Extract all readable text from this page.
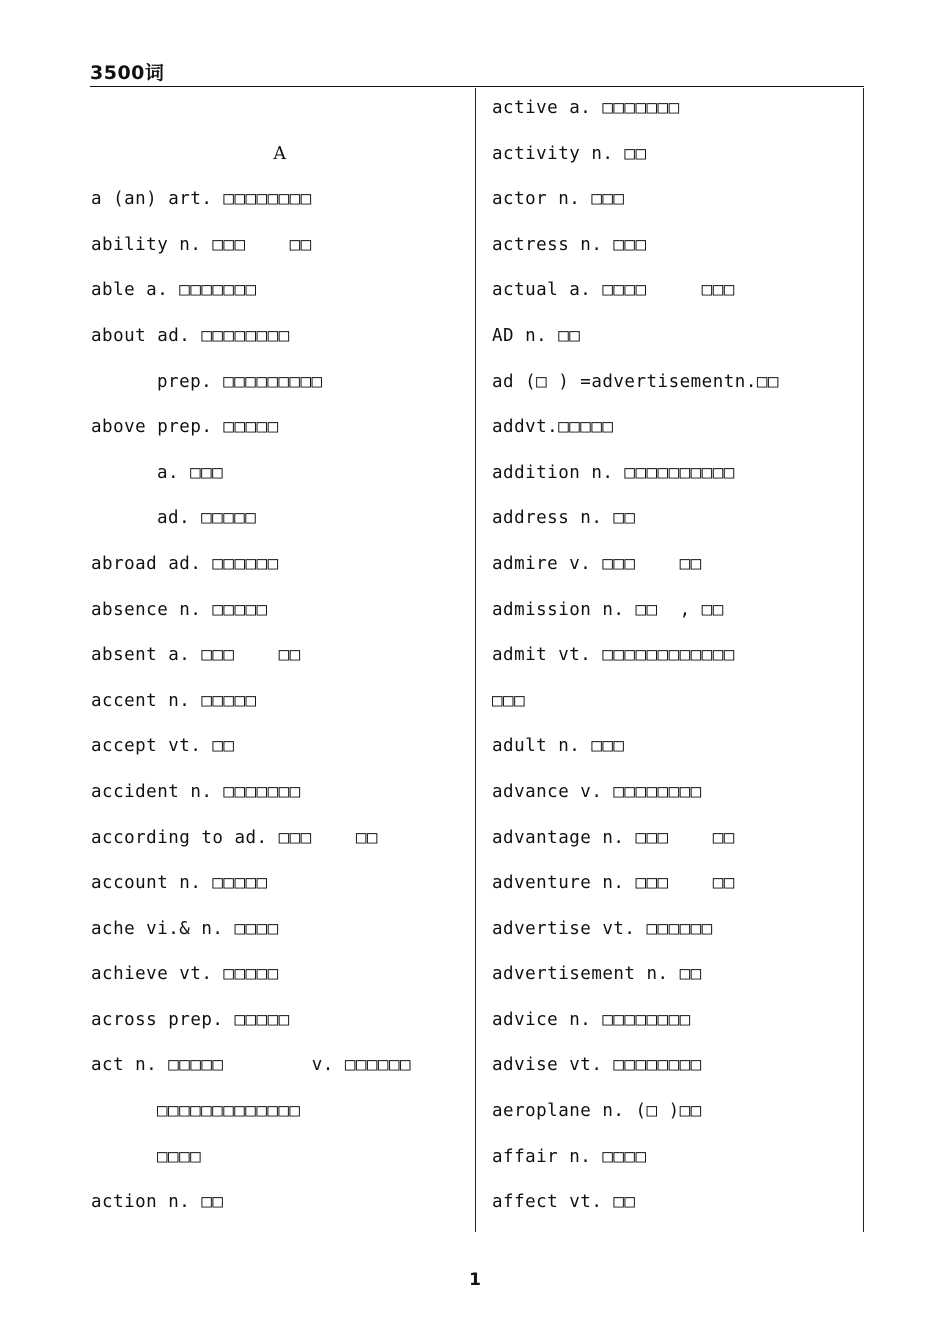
3500词
A
a (an) art. □□□□□□□□
ability n. □□□    □□
able a. □□□□□□□
about ad. □□□□□□□□
prep. □□□□□□□□□
above prep. □□□□□
a. □□□
ad. □□□□□
abroad ad. □□□□□□
absence n. □□□□□
absent a. □□□    □□
accent n. □□□□□
accept vt. □□
accident n. □□□□□□□
according to ad. □□□    □□
account n. □□□□□
ache vi.& n. □□□□
achieve vt. □□□□□
across prep. □□□□□
act n. □□□□□        v. □□□□□□
□□□□□□□□□□□□□
□□□□
action n. □□
active a. □□□□□□□
activity n. □□
actor n. □□□
actress n. □□□
actual a. □□□□     □□□
AD n. □□
ad (□ ) =advertisementn.□□
addvt.□□□□□
addition n. □□□□□□□□□□
address n. □□
admire v. □□□    □□
admission n. □□  , □□
admit vt. □□□□□□□□□□□□
□□□
adult n. □□□
advance v. □□□□□□□□
advantage n. □□□    □□
adventure n. □□□    □□
advertise vt. □□□□□□
advertisement n. □□
advice n. □□□□□□□□
advise vt. □□□□□□□□
aeroplane n. (□ )□□
affair n. □□□□
affect vt. □□
1
